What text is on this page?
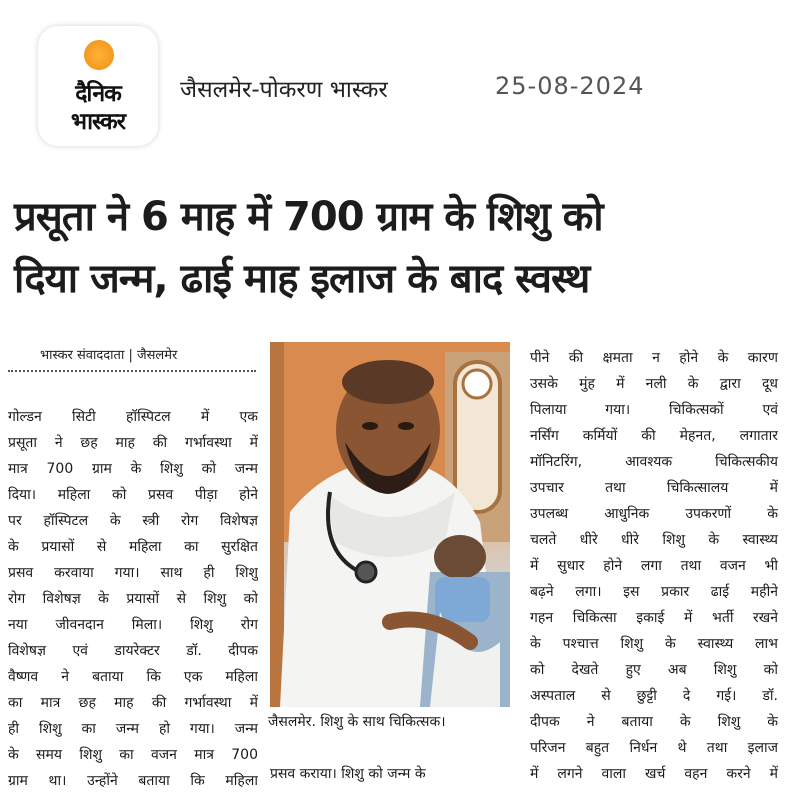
दैनिक
भास्कर
जैसलमेर-पोकरण भास्कर	25-08-2024
प्रसूता ने 6 माह में 700 ग्राम के शिशु को
दिया जन्म, ढाई माह इलाज के बाद स्वस्थ
भास्कर संवाददाता | जैसलमेर
गोल्डन सिटी हॉस्पिटल में एक
प्रसूता ने छह माह की गर्भावस्था में
मात्र 700 ग्राम के शिशु को जन्म
दिया। महिला को प्रसव पीड़ा होने
पर हॉस्पिटल के स्त्री रोग विशेषज्ञ
के प्रयासों से महिला का सुरक्षित
प्रसव करवाया गया। साथ ही शिशु
रोग विशेषज्ञ के प्रयासों से शिशु को
नया जीवनदान मिला। शिशु रोग
विशेषज्ञ एवं डायरेक्टर डॉ. दीपक
वैष्णव ने बताया कि एक महिला
का मात्र छह माह की गर्भावस्था में
ही शिशु का जन्म हो गया। जन्म
के समय शिशु का वजन मात्र 700
ग्राम था। उन्होंने बताया कि महिला
जैसलमेर. शिशु के साथ चिकित्सक।
प्रसव कराया। शिशु को जन्म के
पीने की क्षमता न होने के कारण
उसके मुंह में नली के द्वारा दूध
पिलाया गया। चिकित्सकों एवं
नर्सिंग कर्मियों की मेहनत, लगातार
मॉनिटरिंग, आवश्यक चिकित्सकीय
उपचार तथा चिकित्सालय में
उपलब्ध आधुनिक उपकरणों के
चलते धीरे धीरे शिशु के स्वास्थ्य
में सुधार होने लगा तथा वजन भी
बढ़ने लगा। इस प्रकार ढाई महीने
गहन चिकित्सा इकाई में भर्ती रखने
के पश्चात्त शिशु के स्वास्थ्य लाभ
को देखते हुए अब शिशु को
अस्पताल से छुट्टी दे गई। डॉ.
दीपक ने बताया के शिशु के
परिजन बहुत निर्धन थे तथा इलाज
में लगने वाला खर्च वहन करने में
